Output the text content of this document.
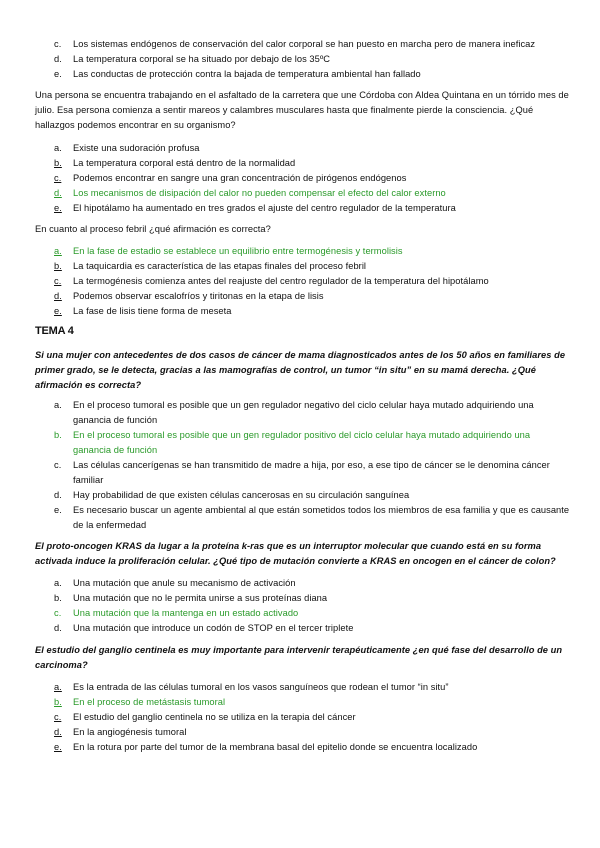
c. Los sistemas endógenos de conservación del calor corporal se han puesto en marcha pero de manera ineficaz
d. La temperatura corporal se ha situado por debajo de los 35ºC
e. Las conductas de protección contra la bajada de temperatura ambiental han fallado
Una persona se encuentra trabajando en el asfaltado de la carretera que une Córdoba con Aldea Quintana en un tórrido mes de julio. Esa persona comienza a sentir mareos y calambres musculares hasta que finalmente pierde la consciencia. ¿Qué hallazgos podemos encontrar en su organismo?
a. Existe una sudoración profusa
b. La temperatura corporal está dentro de la normalidad
c. Podemos encontrar en sangre una gran concentración de pirógenos endógenos
d. Los mecanismos de disipación del calor no pueden compensar el efecto del calor externo
e. El hipotálamo ha aumentado en tres grados el ajuste del centro regulador de la temperatura
En cuanto al proceso febril ¿qué afirmación es correcta?
a. En la fase de estadio se establece un equilibrio entre termogénesis y termolisis
b. La taquicardia es característica de las etapas finales del proceso febril
c. La termogénesis comienza antes del reajuste del centro regulador de la temperatura del hipotálamo
d. Podemos observar escalofríos y tiritonas en la etapa de lisis
e. La fase de lisis tiene forma de meseta
TEMA 4
Si una mujer con antecedentes de dos casos de cáncer de mama diagnosticados antes de los 50 años en familiares de primer grado, se le detecta, gracias a las mamografías de control, un tumor “in situ” en su mamá derecha. ¿Qué afirmación es correcta?
a. En el proceso tumoral es posible que un gen regulador negativo del ciclo celular haya mutado adquiriendo una ganancia de función
b. En el proceso tumoral es posible que un gen regulador positivo del ciclo celular haya mutado adquiriendo una ganancia de función
c. Las células cancerígenas se han transmitido de madre a hija, por eso, a ese tipo de cáncer se le denomina cáncer familiar
d. Hay probabilidad de que existen células cancerosas en su circulación sanguínea
e. Es necesario buscar un agente ambiental al que están sometidos todos los miembros de esa familia y que es causante de la enfermedad
El proto-oncogen KRAS da lugar a la proteína k-ras que es un interruptor molecular que cuando está en su forma activada induce la proliferación celular. ¿Qué tipo de mutación convierte a KRAS en oncogen en el cáncer de colon?
a. Una mutación que anule su mecanismo de activación
b. Una mutación que no le permita unirse a sus proteínas diana
c. Una mutación que la mantenga en un estado activado
d. Una mutación que introduce un codón de STOP en el tercer triplete
El estudio del ganglio centinela es muy importante para intervenir terapéuticamente ¿en qué fase del desarrollo de un carcinoma?
a. Es la entrada de las células tumoral en los vasos sanguíneos que rodean el tumor “in situ”
b. En el proceso de metástasis tumoral
c. El estudio del ganglio centinela no se utiliza en la terapia del cáncer
d. En la angiogénesis tumoral
e. En la rotura por parte del tumor de la membrana basal del epitelio donde se encuentra localizado
